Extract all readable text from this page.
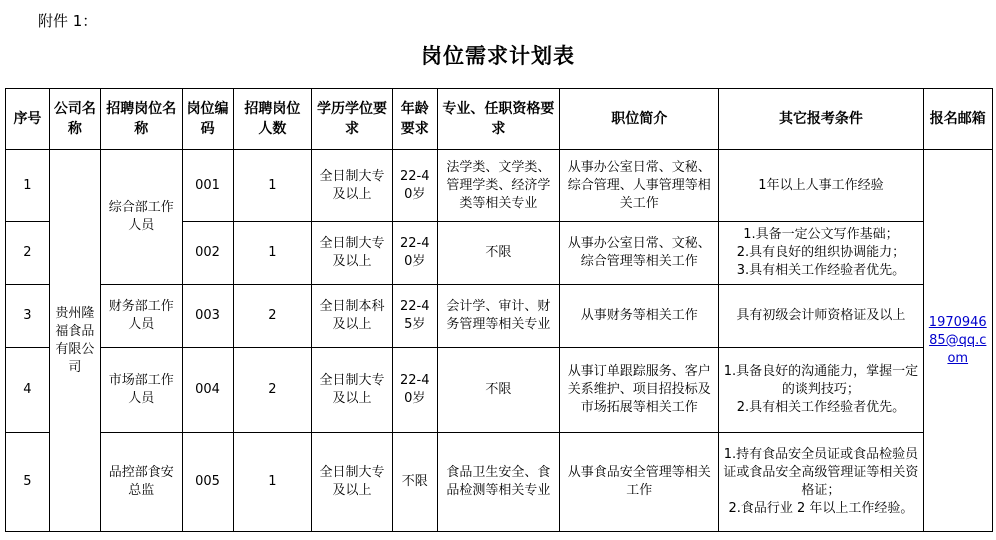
附件 1：
岗位需求计划表
序号	公司名称	招聘岗位名称	岗位编码	招聘岗位人数	学历学位要求	年龄要求	专业、任职资格要求	职位简介	其它报考条件	报名邮箱
1	贵州隆福食品有限公司	综合部工作人员	001	1	全日制大专及以上	22-40岁	法学类、文学类、管理学类、经济学类等相关专业	从事办公室日常、文秘、综合管理、人事管理等相关工作	1年以上人事工作经验	197094685@qq.com
2			002	1	全日制大专及以上	22-40岁	不限	从事办公室日常、文秘、综合管理等相关工作	1.具备一定公文写作基础；
2.具有良好的组织协调能力；
3.具有相关工作经验者优先。	

3		财务部工作人员	003	2	全日制本科及以上	22-45岁	会计学、审计、财务管理等相关专业	从事财务等相关工作	具有初级会计师资格证及以上	
4		市场部工作人员	004	2	全日制大专及以上	22-40岁	不限	从事订单跟踪服务、客户关系维护、项目招投标及市场拓展等相关工作	1.具备良好的沟通能力，掌握一定的谈判技巧；
2.具有相关工作经验者优先。	

5		品控部食安总监	005	1	全日制大专及以上	不限	食品卫生安全、食品检测等相关专业	从事食品安全管理等相关工作	1.持有食品安全员证或食品检验员证或食品安全高级管理证等相关资格证；
2.食品行业 2 年以上工作经验。	
